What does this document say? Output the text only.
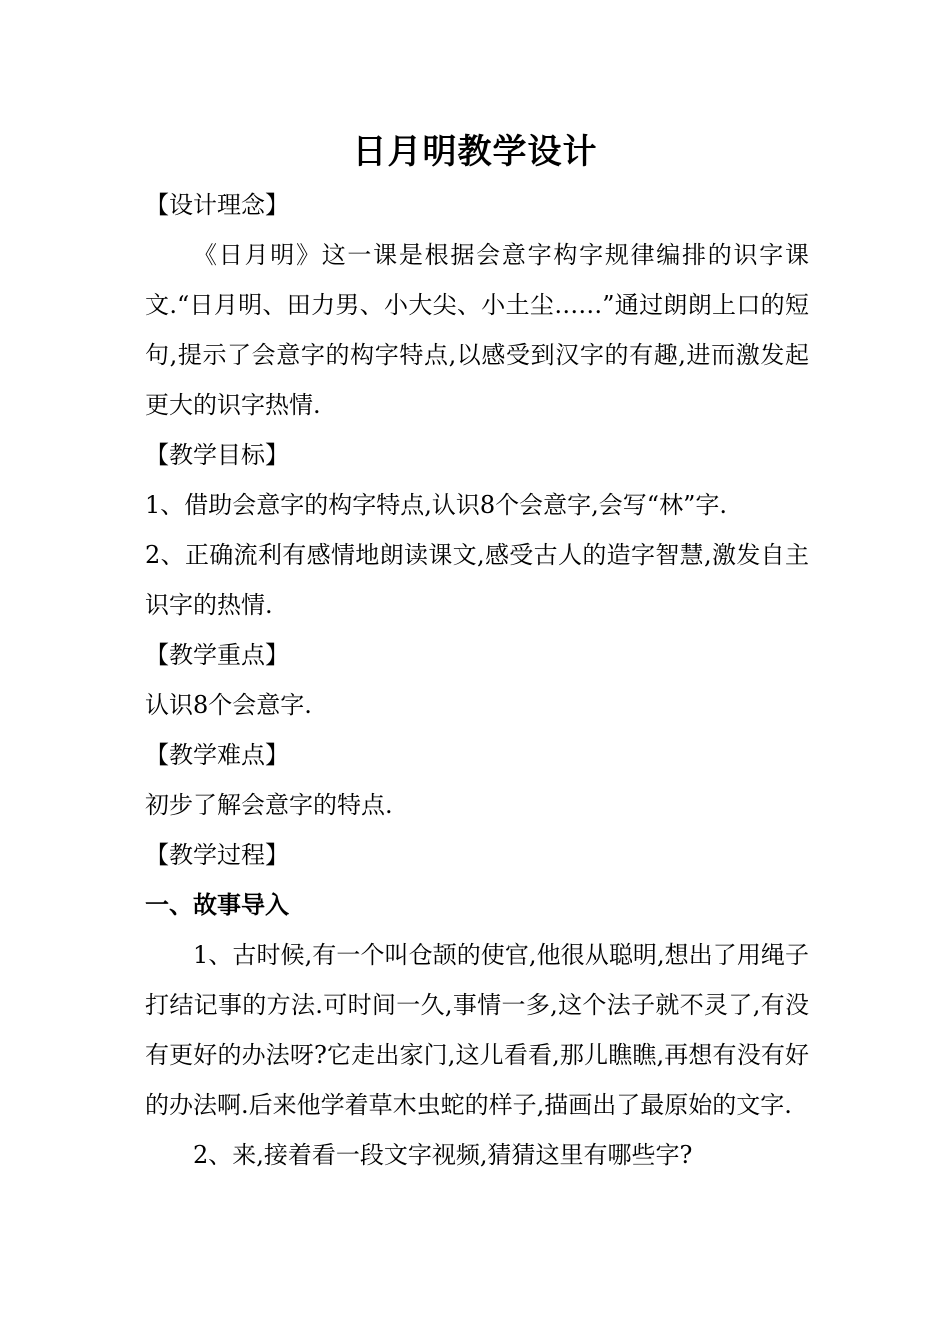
日月明教学设计

【设计理念】

《日月明》这一课是根据会意字构字规律编排的识字课文.“日月明、田力男、小大尖、小土尘……”通过朗朗上口的短句,提示了会意字的构字特点,以感受到汉字的有趣,进而激发起更大的识字热情.

【教学目标】

1、借助会意字的构字特点,认识8个会意字,会写“林”字.

2、正确流利有感情地朗读课文,感受古人的造字智慧,激发自主识字的热情.

【教学重点】

认识8个会意字.

【教学难点】

初步了解会意字的特点.

【教学过程】

一、故事导入

1、古时候,有一个叫仓颉的使官,他很从聪明,想出了用绳子打结记事的方法.可时间一久,事情一多,这个法子就不灵了,有没有更好的办法呀?它走出家门,这儿看看,那儿瞧瞧,再想有没有好的办法啊.后来他学着草木虫蛇的样子,描画出了最原始的文字.

2、来,接着看一段文字视频,猜猜这里有哪些字?
